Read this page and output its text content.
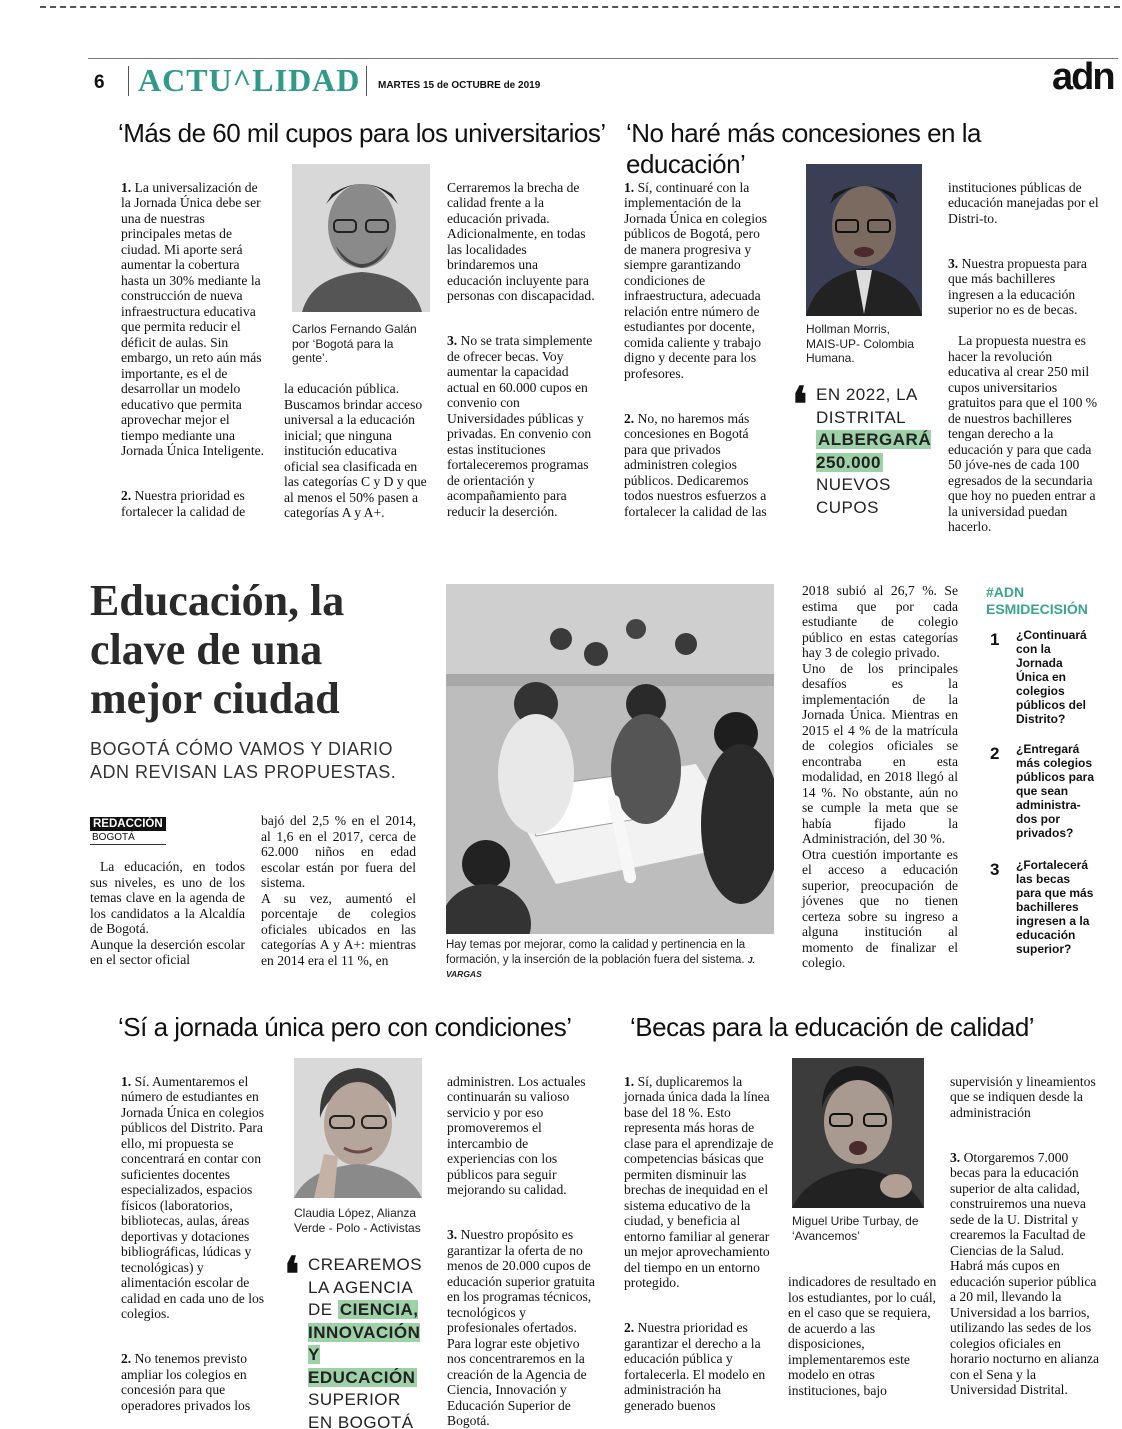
6 ACTU^LIDAD MARTES 15 de OCTUBRE de 2019	adn
‘Más de 60 mil cupos para los universitarios’

1. La universalización de la Jornada Única debe ser una de nuestras principales metas de ciudad. Mi aporte será aumentar la cobertura hasta un 30% mediante la construcción de nueva infraestructura educativa que permita reducir el déficit de aulas. Sin embargo, un reto aún más importante, es el de desarrollar un modelo educativo que permita aprovechar mejor el tiempo mediante una Jornada Única Inteligente.

2. Nuestra prioridad es fortalecer la calidad de

Carlos Fernando Galán por ‘Bogotá para la gente’.
la educación pública. Buscamos brindar acceso universal a la educación inicial; que ninguna institución educativa oficial sea clasificada en las categorías C y D y que al menos el 50% pasen a categorías A y A+.

Cerraremos la brecha de calidad frente a la educación privada. Adicionalmente, en todas las localidades brindaremos una educación incluyente para personas con discapacidad.

3. No se trata simplemente de ofrecer becas. Voy aumentar la capacidad actual en 60.000 cupos en convenio con Universidades públicas y privadas. En convenio con estas instituciones fortaleceremos programas de orientación y acompañamiento para reducir la deserción.

‘No haré más concesiones en la educación’

1. Sí, continuaré con la implementación de la Jornada Única en colegios públicos de Bogotá, pero de manera progresiva y siempre garantizando condiciones de infraestructura, adecuada relación entre número de estudiantes por docente, comida caliente y trabajo digno y decente para los profesores.

2. No, no haremos más concesiones en Bogotá para que privados administren colegios públicos. Dedicaremos todos nuestros esfuerzos a fortalecer la calidad de las

Hollman Morris, MAIS-UP- Colombia Humana.
❛ EN 2022, LA DISTRITAL ALBERGARÁ 250.000 NUEVOS CUPOS

instituciones públicas de educación manejadas por el Distri-to.

3. Nuestra propuesta para que más bachilleres ingresen a la educación superior no es de becas.

La propuesta nuestra es hacer la revolución educativa al crear 250 mil cupos universitarios gratuitos para que el 100 % de nuestros bachilleres tengan derecho a la educación y para que cada 50 jóve-nes de cada 100 egresados de la secundaria que hoy no pueden entrar a la universidad puedan hacerlo.

Educación, la clave de una mejor ciudad
BOGOTÁ CÓMO VAMOS Y DIARIO ADN REVISAN LAS PROPUESTAS.
REDACCIÓN
BOGOTÁ
La educación, en todos sus niveles, es uno de los temas clave en la agenda de los candidatos a la Alcaldía de Bogotá.
Aunque la deserción escolar en el sector oficial
bajó del 2,5 % en el 2014, al 1,6 en el 2017, cerca de 62.000 niños en edad escolar están por fuera del sistema.
A su vez, aumentó el porcentaje de colegios oficiales ubicados en las categorías A y A+: mientras en 2014 era el 11 %, en
Hay temas por mejorar, como la calidad y pertinencia en la formación, y la inserción de la población fuera del sistema. J. VARGAS
2018 subió al 26,7 %. Se estima que por cada estudiante de colegio público en estas categorías hay 3 de colegio privado.
Uno de los principales desafíos es la implementación de la Jornada Única. Mientras en 2015 el 4 % de la matrícula de colegios oficiales se encontraba en esta modalidad, en 2018 llegó al 14 %. No obstante, aún no se cumple la meta que se había fijado la Administración, del 30 %.
Otra cuestión importante es el acceso a educación superior, preocupación de jóvenes que no tienen certeza sobre su ingreso a alguna institución al momento de finalizar el colegio.
#ADN ESMIDECISIÓN
1 ¿Continuará con la Jornada Única en colegios públicos del Distrito?
2 ¿Entregará más colegios públicos para que sean administra-dos por privados?
3 ¿Fortalecerá las becas para que más bachilleres ingresen a la educación superior?
‘Sí a jornada única pero con condiciones’

1. Sí. Aumentaremos el número de estudiantes en Jornada Única en colegios públicos del Distrito. Para ello, mi propuesta se concentrará en contar con suficientes docentes especializados, espacios físicos (laboratorios, bibliotecas, aulas, áreas deportivas y dotaciones bibliográficas, lúdicas y tecnológicas) y alimentación escolar de calidad en cada uno de los colegios.

2. No tenemos previsto ampliar los colegios en concesión para que operadores privados los

Claudia López, Alianza Verde - Polo - Activistas
❛ CREAREMOS LA AGENCIA DE CIENCIA, INNOVACIÓN Y EDUCACIÓN SUPERIOR EN BOGOTÁ

administren. Los actuales continuarán su valioso servicio y por eso promoveremos el intercambio de experiencias con los públicos para seguir mejorando su calidad.

3. Nuestro propósito es garantizar la oferta de no menos de 20.000 cupos de educación superior gratuita en los programas técnicos, tecnológicos y profesionales ofertados. Para lograr este objetivo nos concentraremos en la creación de la Agencia de Ciencia, Innovación y Educación Superior de Bogotá.

‘Becas para la educación de calidad’

1. Sí, duplicaremos la jornada única dada la línea base del 18 %. Esto representa más horas de clase para el aprendizaje de competencias básicas que permiten disminuir las brechas de inequidad en el sistema educativo de la ciudad, y beneficia al entorno familiar al generar un mejor aprovechamiento del tiempo en un entorno protegido.

2. Nuestra prioridad es garantizar el derecho a la educación pública y fortalecerla. El modelo en administración ha generado buenos

Miguel Uribe Turbay, de ‘Avancemos’
indicadores de resultado en los estudiantes, por lo cuál, en el caso que se requiera, de acuerdo a las disposiciones, implementaremos este modelo en otras instituciones, bajo

supervisión y lineamientos que se indiquen desde la administración

3. Otorgaremos 7.000 becas para la educación superior de alta calidad, construiremos una nueva sede de la U. Distrital y crearemos la Facultad de Ciencias de la Salud. Habrá más cupos en educación superior pública a 20 mil, llevando la Universidad a los barrios, utilizando las sedes de los colegios oficiales en horario nocturno en alianza con el Sena y la Universidad Distrital.
